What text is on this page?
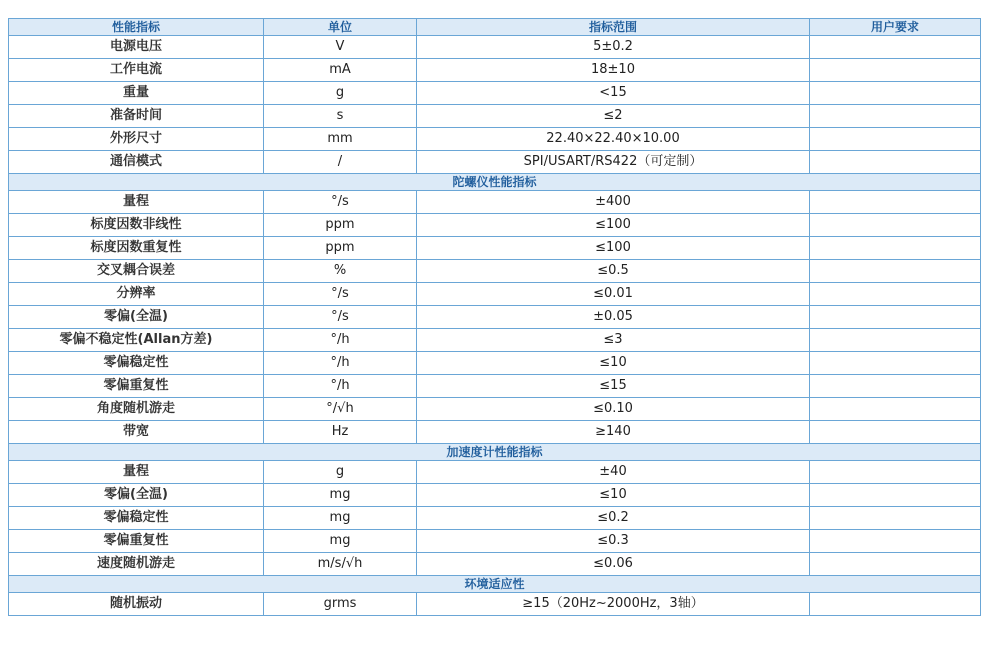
性能指标	单位	指标范围	用户要求
电源电压	V	5±0.2	
工作电流	mA	18±10	
重量	g	<15	
准备时间	s	≤2	
外形尺寸	mm	22.40×22.40×10.00	
通信模式	/	SPI/USART/RS422（可定制）	
陀螺仪性能指标			
量程	°/s	±400	
标度因数非线性	ppm	≤100	
标度因数重复性	ppm	≤100	
交叉耦合误差	%	≤0.5	
分辨率	°/s	≤0.01	
零偏(全温)	°/s	±0.05	
零偏不稳定性(Allan方差)	°/h	≤3	
零偏稳定性	°/h	≤10	
零偏重复性	°/h	≤15	
角度随机游走	°/√h	≤0.10	
带宽	Hz	≥140	
加速度计性能指标			
量程	g	±40	
零偏(全温)	mg	≤10	
零偏稳定性	mg	≤0.2	
零偏重复性	mg	≤0.3	
速度随机游走	m/s/√h	≤0.06	
环境适应性			
随机振动	grms	≥15（20Hz~2000Hz，3轴）	
